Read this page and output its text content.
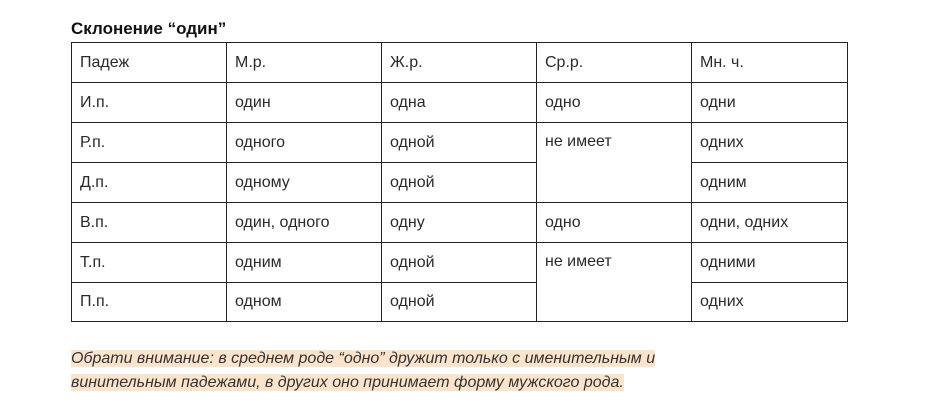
Склонение “один”
Падеж	М.р.	Ж.р.	Ср.р.	Мн. ч.
И.п.	один	одна	одно	одни
Р.п.	одного	одной	не имеет	одних
Д.п.	одному	одной		одним
В.п.	один, одного	одну	одно	одни, одних
Т.п.	одним	одной	не имеет	одними
П.п.	одном	одной		одних
Обрати внимание: в среднем роде “одно” дружит только с именительным и
винительным падежами, в других оно принимает форму мужского рода.
